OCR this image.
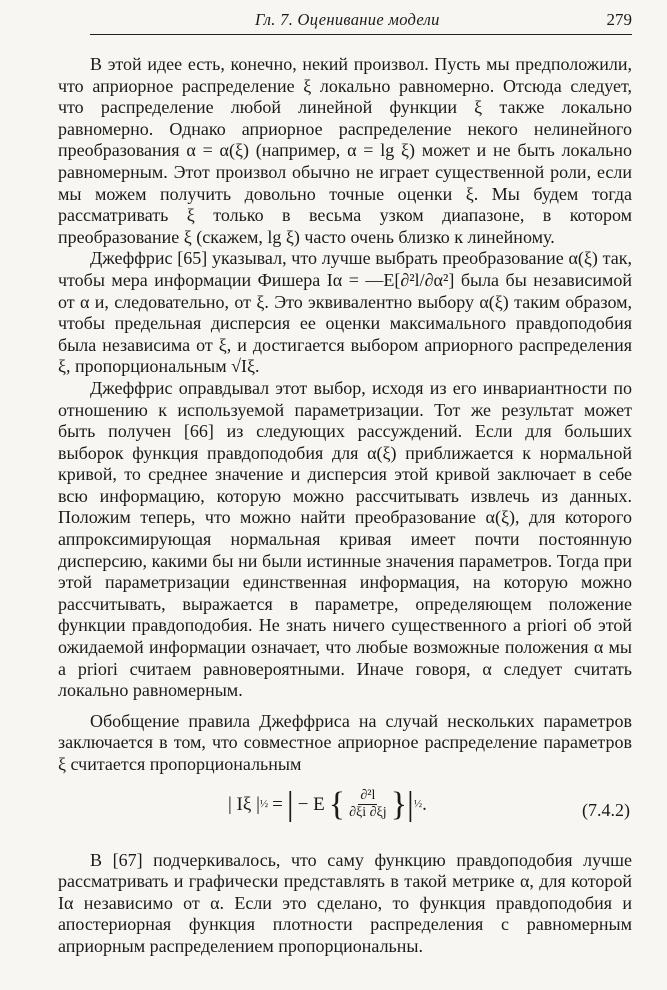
Гл. 7. Оценивание модели	279

В этой идее есть, конечно, некий произвол. Пусть мы предположили, что априорное распределение ξ локально равномерно. Отсюда следует, что распределение любой линейной функции ξ также локально равномерно. Однако априорное распределение некого нелинейного преобразования α = α(ξ) (например, α = lg ξ) может и не быть локально равномерным. Этот произвол обычно не играет существенной роли, если мы можем получить довольно точные оценки ξ. Мы будем тогда рассматривать ξ только в весьма узком диапазоне, в котором преобразование ξ (скажем, lg ξ) часто очень близко к линейному.

Джеффрис [65] указывал, что лучше выбрать преобразование α(ξ) так, чтобы мера информации Фишера Iα = —E[∂²l/∂α²] была бы независимой от α и, следовательно, от ξ. Это эквивалентно выбору α(ξ) таким образом, чтобы предельная дисперсия ее оценки максимального правдоподобия была независима от ξ, и достигается выбором априорного распределения ξ, пропорциональным √Iξ.

Джеффрис оправдывал этот выбор, исходя из его инвариантности по отношению к используемой параметризации. Тот же результат может быть получен [66] из следующих рассуждений. Если для больших выборок функция правдоподобия для α(ξ) приближается к нормальной кривой, то среднее значение и дисперсия этой кривой заключает в себе всю информацию, которую можно рассчитывать извлечь из данных. Положим теперь, что можно найти преобразование α(ξ), для которого аппроксимирующая нормальная кривая имеет почти постоянную дисперсию, какими бы ни были истинные значения параметров. Тогда при этой параметризации единственная информация, на которую можно рассчитывать, выражается в параметре, определяющем положение функции правдоподобия. Не знать ничего существенного a priori об этой ожидаемой информации означает, что любые возможные положения α мы a priori считаем равновероятными. Иначе говоря, α следует считать локально равномерным.

Обобщение правила Джеффриса на случай нескольких параметров заключается в том, что совместное априорное распределение параметров ξ считается пропорциональным

| Iξ | ½ = | − E { $\frac{\text{∂²l}}{\partial\xi i \partial\xi j}$ } | ½ .	(7.4.2)

В [67] подчеркивалось, что саму функцию правдоподобия лучше рассматривать и графически представлять в такой метрике α, для которой Iα независимо от α. Если это сделано, то функция правдоподобия и апостериорная функция плотности распределения с равномерным априорным распределением пропорциональны.
